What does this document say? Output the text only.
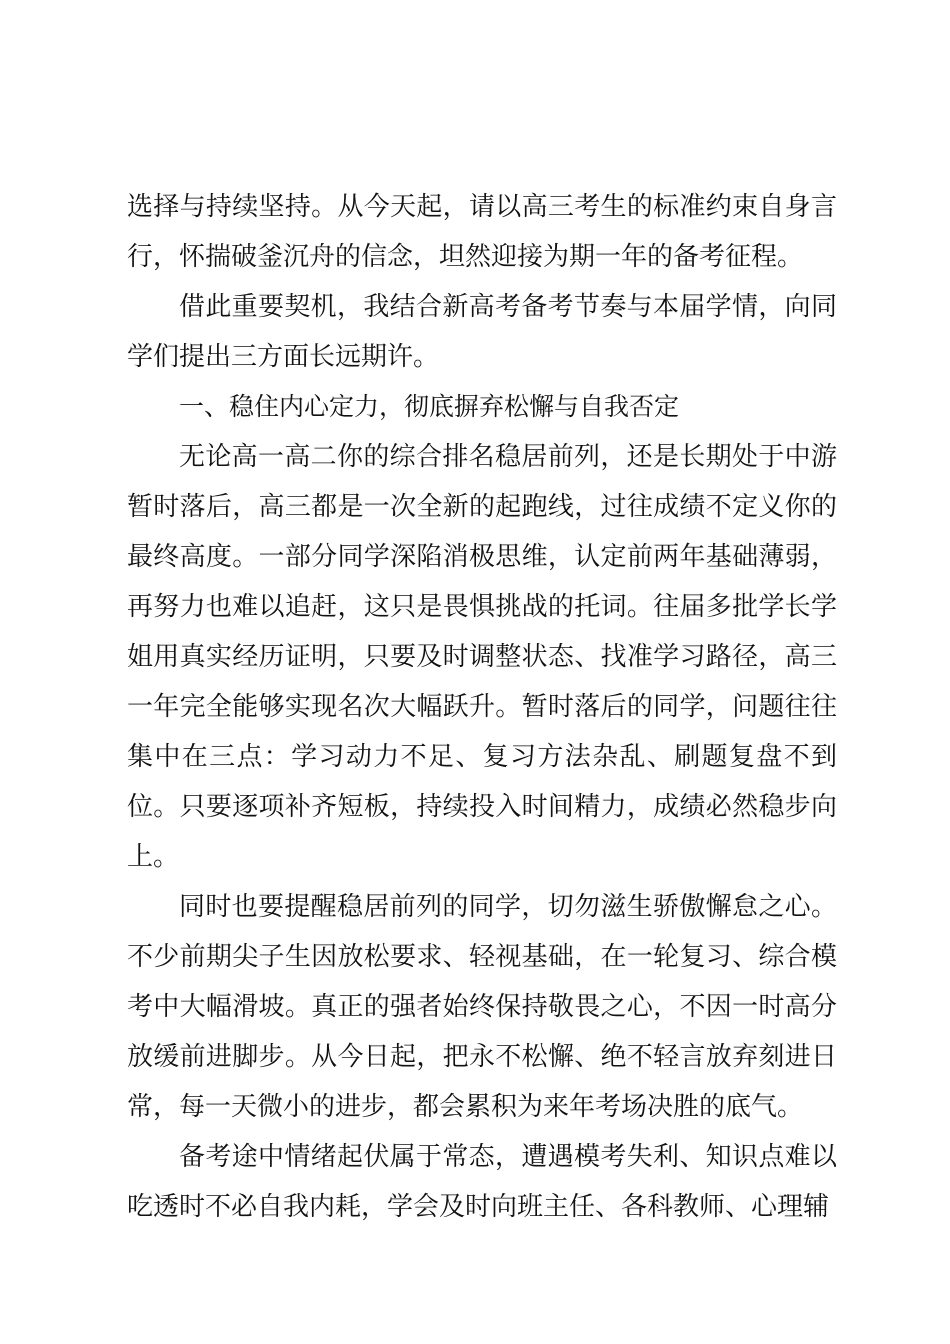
选择与持续坚持。从今天起，请以高三考生的标准约束自身言行，怀揣破釜沉舟的信念，坦然迎接为期一年的备考征程。

借此重要契机，我结合新高考备考节奏与本届学情，向同学们提出三方面长远期许。

一、稳住内心定力，彻底摒弃松懈与自我否定

无论高一高二你的综合排名稳居前列，还是长期处于中游暂时落后，高三都是一次全新的起跑线，过往成绩不定义你的最终高度。一部分同学深陷消极思维，认定前两年基础薄弱，再努力也难以追赶，这只是畏惧挑战的托词。往届多批学长学姐用真实经历证明，只要及时调整状态、找准学习路径，高三一年完全能够实现名次大幅跃升。暂时落后的同学，问题往往集中在三点：学习动力不足、复习方法杂乱、刷题复盘不到位。只要逐项补齐短板，持续投入时间精力，成绩必然稳步向上。

同时也要提醒稳居前列的同学，切勿滋生骄傲懈怠之心。不少前期尖子生因放松要求、轻视基础，在一轮复习、综合模考中大幅滑坡。真正的强者始终保持敬畏之心，不因一时高分放缓前进脚步。从今日起，把永不松懈、绝不轻言放弃刻进日常，每一天微小的进步，都会累积为来年考场决胜的底气。

备考途中情绪起伏属于常态，遭遇模考失利、知识点难以吃透时不必自我内耗，学会及时向班主任、各科教师、心理辅
